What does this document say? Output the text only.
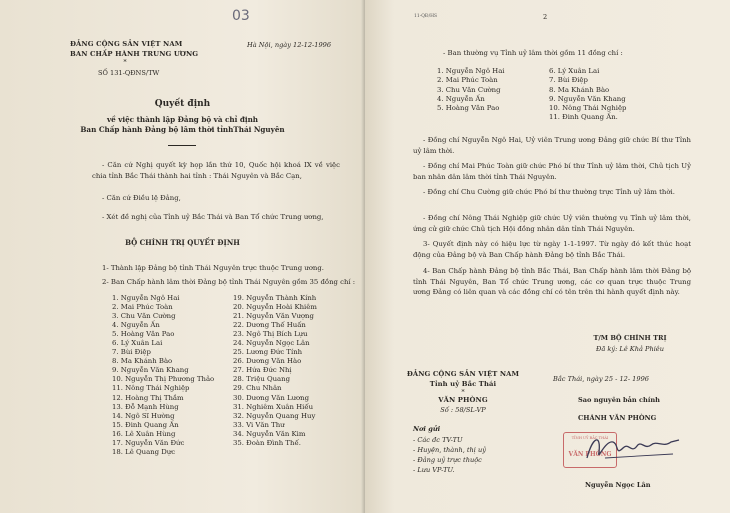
03
ĐẢNG CỘNG SẢN VIỆT NAM
BAN CHẤP HÀNH TRUNG ƯƠNG
*
SỐ 131-QĐNS/TW
Hà Nội, ngày 12-12-1996
Quyết định
về việc thành lập Đảng bộ và chỉ định
Ban Chấp hành Đảng bộ lâm thời tỉnhThái Nguyên
- Căn cứ Nghị quyết kỳ họp lần thứ 10, Quốc hội khoá IX về việc chia tỉnh Bắc Thái thành hai tỉnh : Thái Nguyên và Bắc Cạn,
- Căn cứ Điều lệ Đảng,
- Xét đề nghị của Tỉnh uỷ Bắc Thái và Ban Tổ chức Trung ương,
BỘ CHÍNH TRỊ QUYẾT ĐỊNH
1- Thành lập Đảng bộ tỉnh Thái Nguyên trực thuộc Trung ương.
2- Ban Chấp hành lâm thời Đảng bộ tỉnh Thái Nguyên gồm 35 đồng chí :
1. Nguyễn Ngô Hai
2. Mai Phúc Toàn
3. Chu Văn Cường
4. Nguyễn Ấn
5. Hoàng Văn Pao
6. Lý Xuân Lai
7. Bùi Điệp
8. Ma Khánh Bào
9. Nguyễn Văn Khang
10. Nguyễn Thị Phương Thảo
11. Nông Thái Nghiệp
12. Hoàng Thị Thắm
13. Đỗ Mạnh Hùng
14. Ngô Sĩ Hường
15. Đinh Quang Ấn
16. Lê Xuân Hùng
17. Nguyễn Văn Đức
18. Lê Quang Dực
19. Nguyễn Thành Kính
20. Nguyễn Hoài Khiêm
21. Nguyễn Văn Vượng
22. Dương Thế Huấn
23. Ngô Thị Bích Lựu
24. Nguyễn Ngọc Lân
25. Lương Đức Tính
26. Dương Văn Hào
27. Hứa Đức Nhị
28. Triệu Quang
29. Chu Nhân
30. Dương Văn Lương
31. Nghiêm Xuân Hiếu
32. Nguyễn Quang Huy
33. Vi Văn Thư
34. Nguyễn Văn Kim
35. Đoàn Đình Thế.
11-QĐ/HS	2
- Ban thường vụ Tỉnh uỷ lâm thời gồm 11 đồng chí :
1. Nguyễn Ngô Hai
2. Mai Phúc Toàn
3. Chu Văn Cường
4. Nguyễn Ấn
5. Hoàng Văn Pao
6. Lý Xuân Lai
7. Bùi Điệp
8. Ma Khánh Bào
9. Nguyễn Văn Khang
10. Nông Thái Nghiệp
11. Đinh Quang Ấn.
- Đồng chí Nguyễn Ngô Hai, Uỷ viên Trung ương Đảng giữ chức Bí thư Tỉnh uỷ lâm thời.
- Đồng chí Mai Phúc Toàn giữ chức Phó bí thư Tỉnh uỷ lâm thời, Chủ tịch Uỷ ban nhân dân lâm thời tỉnh Thái Nguyên.
- Đồng chí Chu Cường giữ chức Phó bí thư thường trực Tỉnh uỷ lâm thời.
- Đồng chí Nông Thái Nghiệp giữ chức Uỷ viên thường vụ Tỉnh uỷ lâm thời, ứng cử giữ chức Chủ tịch Hội đồng nhân dân tỉnh Thái Nguyên.
3- Quyết định này có hiệu lực từ ngày 1-1-1997. Từ ngày đó kết thúc hoạt động của Đảng bộ và Ban Chấp hành Đảng bộ tỉnh Bắc Thái.
4- Ban Chấp hành Đảng bộ tỉnh Bắc Thái, Ban Chấp hành lâm thời Đảng bộ tỉnh Thái Nguyên, Ban Tổ chức Trung ương, các cơ quan trực thuộc Trung ương Đảng có liên quan và các đồng chí có tên trên thi hành quyết định này.
T/M BỘ CHÍNH TRỊ
Đã ký: Lê Khả Phiêu
ĐẢNG CỘNG SẢN VIỆT NAM
Tỉnh uỷ Bắc Thái
*
VĂN PHÒNG
Số : 58/SL-VP
Bắc Thái, ngày 25 - 12- 1996
Sao nguyên bản chính
CHÁNH VĂN PHÒNG
Nơi gửi
- Các đc TV-TU
- Huyện, thành, thị uỷ
- Đảng uỷ trực thuộc
- Lưu VP-TU.
TỈNH UỶ BẮC THÁI
VĂN PHÒNG
Nguyễn Ngọc Lân
